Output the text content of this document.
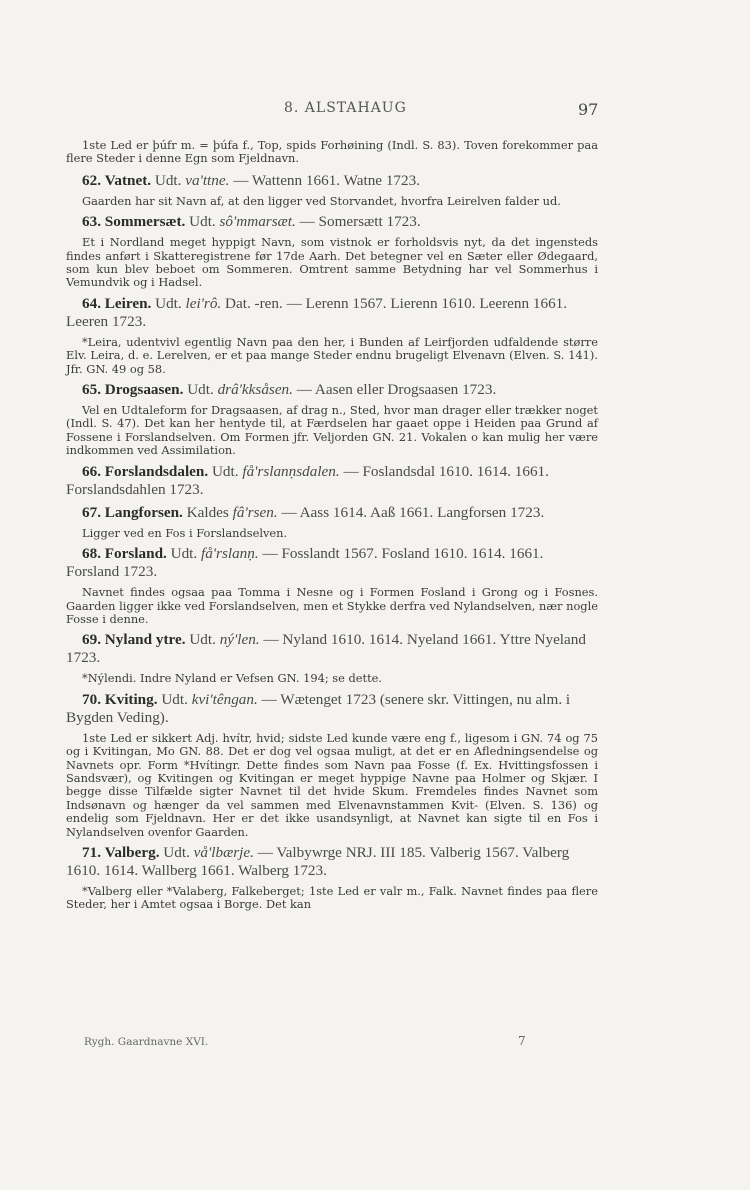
8. ALSTAHAUG	97

1ste Led er þúfr m. = þúfa f., Top, spids Forhøining (Indl. S. 83). Toven forekommer paa flere Steder i denne Egn som Fjeldnavn.

62. Vatnet. Udt. va'ttne. — Wattenn 1661. Watne 1723.

Gaarden har sit Navn af, at den ligger ved Storvandet, hvorfra Leirelven falder ud.

63. Sommersæt. Udt. sô'mmarsæt. — Somersætt 1723.

Et i Nordland meget hyppigt Navn, som vistnok er forholdsvis nyt, da det ingensteds findes anført i Skatteregistrene før 17de Aarh. Det betegner vel en Sæter eller Ødegaard, som kun blev beboet om Sommeren. Omtrent samme Betydning har vel Sommerhus i Vemundvik og i Hadsel.

64. Leiren. Udt. lei'rô. Dat. -ren. — Lerenn 1567. Lierenn 1610. Leerenn 1661. Leeren 1723.

*Leira, udentvivl egentlig Navn paa den her, i Bunden af Leirfjorden udfaldende større Elv. Leira, d. e. Lerelven, er et paa mange Steder endnu brugeligt Elvenavn (Elven. S. 141). Jfr. GN. 49 og 58.

65. Drogsaasen. Udt. drâ'kksåsen. — Aasen eller Drogsaasen 1723.

Vel en Udtaleform for Dragsaasen, af drag n., Sted, hvor man drager eller trækker noget (Indl. S. 47). Det kan her hentyde til, at Færdselen har gaaet oppe i Heiden paa Grund af Fossene i Forslandselven. Om Formen jfr. Veljorden GN. 21. Vokalen o kan mulig her være indkommen ved Assimilation.

66. Forslandsdalen. Udt. få'rslanṇsdalen. — Foslandsdal 1610. 1614. 1661. Forslandsdahlen 1723.

67. Langforsen. Kaldes fâ'rsen. — Aass 1614. Aaß 1661. Langforsen 1723.

Ligger ved en Fos i Forslandselven.

68. Forsland. Udt. få'rslanṇ. — Fosslandt 1567. Fosland 1610. 1614. 1661. Forsland 1723.

Navnet findes ogsaa paa Tomma i Nesne og i Formen Fosland i Grong og i Fosnes. Gaarden ligger ikke ved Forslandselven, men et Stykke derfra ved Nylandselven, nær nogle Fosse i denne.

69. Nyland ytre. Udt. ný'len. — Nyland 1610. 1614. Nyeland 1661. Yttre Nyeland 1723.

*Nýlendi. Indre Nyland er Vefsen GN. 194; se dette.

70. Kviting. Udt. kvi'têngan. — Wætenget 1723 (senere skr. Vittingen, nu alm. i Bygden Veding).

1ste Led er sikkert Adj. hvítr, hvid; sidste Led kunde være eng f., ligesom i GN. 74 og 75 og i Kvitingan, Mo GN. 88. Det er dog vel ogsaa muligt, at det er en Afledningsendelse og Navnets opr. Form *Hvítingr. Dette findes som Navn paa Fosse (f. Ex. Hvittingsfossen i Sandsvær), og Kvitingen og Kvitingan er meget hyppige Navne paa Holmer og Skjær. I begge disse Tilfælde sigter Navnet til det hvide Skum. Fremdeles findes Navnet som Indsønavn og hænger da vel sammen med Elvenavnstammen Kvit- (Elven. S. 136) og endelig som Fjeldnavn. Her er det ikke usandsynligt, at Navnet kan sigte til en Fos i Nylandselven ovenfor Gaarden.

71. Valberg. Udt. vå'lbærje. — Valbywrge NRJ. III 185. Valberig 1567. Valberg 1610. 1614. Wallberg 1661. Walberg 1723.

*Valberg eller *Valaberg, Falkeberget; 1ste Led er valr m., Falk. Navnet findes paa flere Steder, her i Amtet ogsaa i Borge. Det kan

Rygh. Gaardnavne XVI.	7
